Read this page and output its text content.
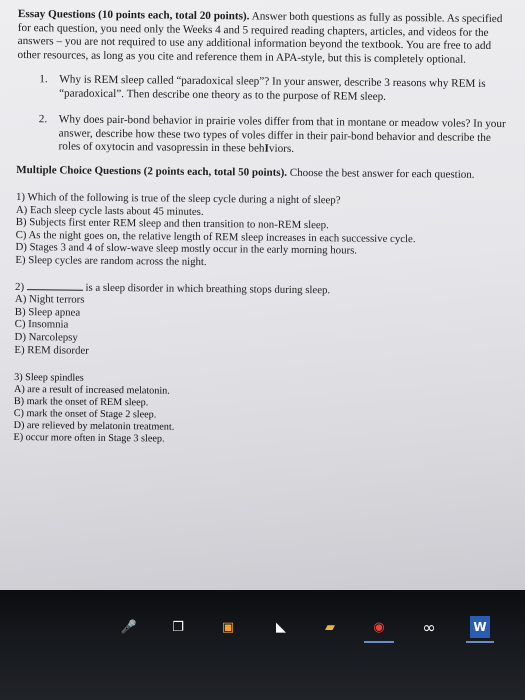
Essay Questions (10 points each, total 20 points). Answer both questions as fully as possible. As specified for each question, you need only the Weeks 4 and 5 required reading chapters, articles, and videos for the answers – you are not required to use any additional information beyond the textbook. You are free to add other resources, as long as you cite and reference them in APA-style, but this is completely optional.

1. Why is REM sleep called “paradoxical sleep”? In your answer, describe 3 reasons why REM is “paradoxical”. Then describe one theory as to the purpose of REM sleep.
2. Why does pair-bond behavior in prairie voles differ from that in montane or meadow voles? In your answer, describe how these two types of voles differ in their pair-bond behavior and describe the roles of oxytocin and vasopressin in these behIviors.

Multiple Choice Questions (2 points each, total 50 points). Choose the best answer for each question.

1) Which of the following is true of the sleep cycle during a night of sleep?
A) Each sleep cycle lasts about 45 minutes.
B) Subjects first enter REM sleep and then transition to non-REM sleep.
C) As the night goes on, the relative length of REM sleep increases in each successive cycle.
D) Stages 3 and 4 of slow-wave sleep mostly occur in the early morning hours.
E) Sleep cycles are random across the night.
2)	is a sleep disorder in which breathing stops during sleep.
A) Night terrors
B) Sleep apnea
C) Insomnia
D) Narcolepsy
E) REM disorder
3) Sleep spindles
A) are a result of increased melatonin.
B) mark the onset of REM sleep.
C) mark the onset of Stage 2 sleep.
D) are relieved by melatonin treatment.
E) occur more often in Stage 3 sleep.
🎤	❐	▣	◣	▰	◉	∞	W
